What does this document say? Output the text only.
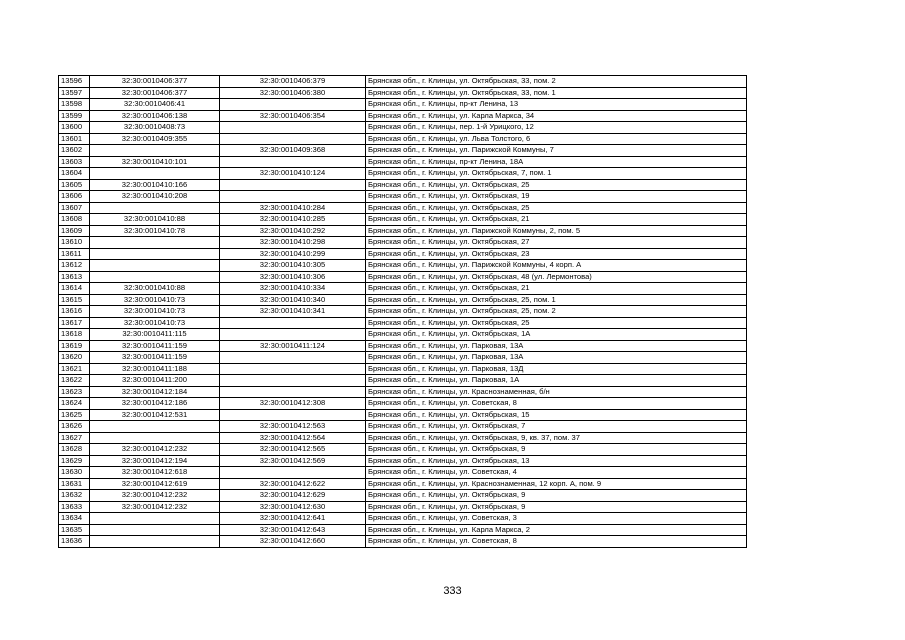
13596	32:30:0010406:377	32:30:0010406:379	Брянская обл., г. Клинцы, ул. Октябрьская, 33, пом. 2
13597	32:30:0010406:377	32:30:0010406:380	Брянская обл., г. Клинцы, ул. Октябрьская, 33, пом. 1
13598	32:30:0010406:41		Брянская обл., г. Клинцы, пр-кт Ленина, 13
13599	32:30:0010406:138	32:30:0010406:354	Брянская обл., г. Клинцы, ул. Карла Маркса, 34
13600	32:30:0010408:73		Брянская обл., г. Клинцы, пер. 1-й Урицкого, 12
13601	32:30:0010409:355		Брянская обл., г. Клинцы, ул. Льва Толстого, 6
13602		32:30:0010409:368	Брянская обл., г. Клинцы, ул. Парижской Коммуны, 7
13603	32:30:0010410:101		Брянская обл., г. Клинцы, пр-кт Ленина, 18А
13604		32:30:0010410:124	Брянская обл., г. Клинцы, ул. Октябрьская, 7, пом. 1
13605	32:30:0010410:166		Брянская обл., г. Клинцы, ул. Октябрьская, 25
13606	32:30:0010410:208		Брянская обл., г. Клинцы, ул. Октябрьская, 19
13607		32:30:0010410:284	Брянская обл., г. Клинцы, ул. Октябрьская, 25
13608	32:30:0010410:88	32:30:0010410:285	Брянская обл., г. Клинцы, ул. Октябрьская, 21
13609	32:30:0010410:78	32:30:0010410:292	Брянская обл., г. Клинцы, ул. Парижской Коммуны, 2, пом. 5
13610		32:30:0010410:298	Брянская обл., г. Клинцы, ул. Октябрьская, 27
13611		32:30:0010410:299	Брянская обл., г. Клинцы, ул. Октябрьская, 23
13612		32:30:0010410:305	Брянская обл., г. Клинцы, ул. Парижской Коммуны, 4 корп. А
13613		32:30:0010410:306	Брянская обл., г. Клинцы, ул. Октябрьская, 48 (ул. Лермонтова)
13614	32:30:0010410:88	32:30:0010410:334	Брянская обл., г. Клинцы, ул. Октябрьская, 21
13615	32:30:0010410:73	32:30:0010410:340	Брянская обл., г. Клинцы, ул. Октябрьская, 25, пом. 1
13616	32:30:0010410:73	32:30:0010410:341	Брянская обл., г. Клинцы, ул. Октябрьская, 25, пом. 2
13617	32:30:0010410:73		Брянская обл., г. Клинцы, ул. Октябрьская, 25
13618	32:30:0010411:115		Брянская обл., г. Клинцы, ул. Октябрьская, 1А
13619	32:30:0010411:159	32:30:0010411:124	Брянская обл., г. Клинцы, ул. Парковая, 13А
13620	32:30:0010411:159		Брянская обл., г. Клинцы, ул. Парковая, 13А
13621	32:30:0010411:188		Брянская обл., г. Клинцы, ул. Парковая, 13Д
13622	32:30:0010411:200		Брянская обл., г. Клинцы, ул. Парковая, 1А
13623	32:30:0010412:184		Брянская обл., г. Клинцы, ул. Краснознаменная, б/н
13624	32:30:0010412:186	32:30:0010412:308	Брянская обл., г. Клинцы, ул. Советская, 8
13625	32:30:0010412:531		Брянская обл., г. Клинцы, ул. Октябрьская, 15
13626		32:30:0010412:563	Брянская обл., г. Клинцы, ул. Октябрьская, 7
13627		32:30:0010412:564	Брянская обл., г. Клинцы, ул. Октябрьская, 9, кв. 37, пом. 37
13628	32:30:0010412:232	32:30:0010412:565	Брянская обл., г. Клинцы, ул. Октябрьская, 9
13629	32:30:0010412:194	32:30:0010412:569	Брянская обл., г. Клинцы, ул. Октябрьская, 13
13630	32:30:0010412:618		Брянская обл., г. Клинцы, ул. Советская, 4
13631	32:30:0010412:619	32:30:0010412:622	Брянская обл., г. Клинцы, ул. Краснознаменная, 12 корп. А, пом. 9
13632	32:30:0010412:232	32:30:0010412:629	Брянская обл., г. Клинцы, ул. Октябрьская, 9
13633	32:30:0010412:232	32:30:0010412:630	Брянская обл., г. Клинцы, ул. Октябрьская, 9
13634		32:30:0010412:641	Брянская обл., г. Клинцы, ул. Советская, 3
13635		32:30:0010412:643	Брянская обл., г. Клинцы, ул. Карла Маркса, 2
13636		32:30:0010412:660	Брянская обл., г. Клинцы, ул. Советская, 8
333
